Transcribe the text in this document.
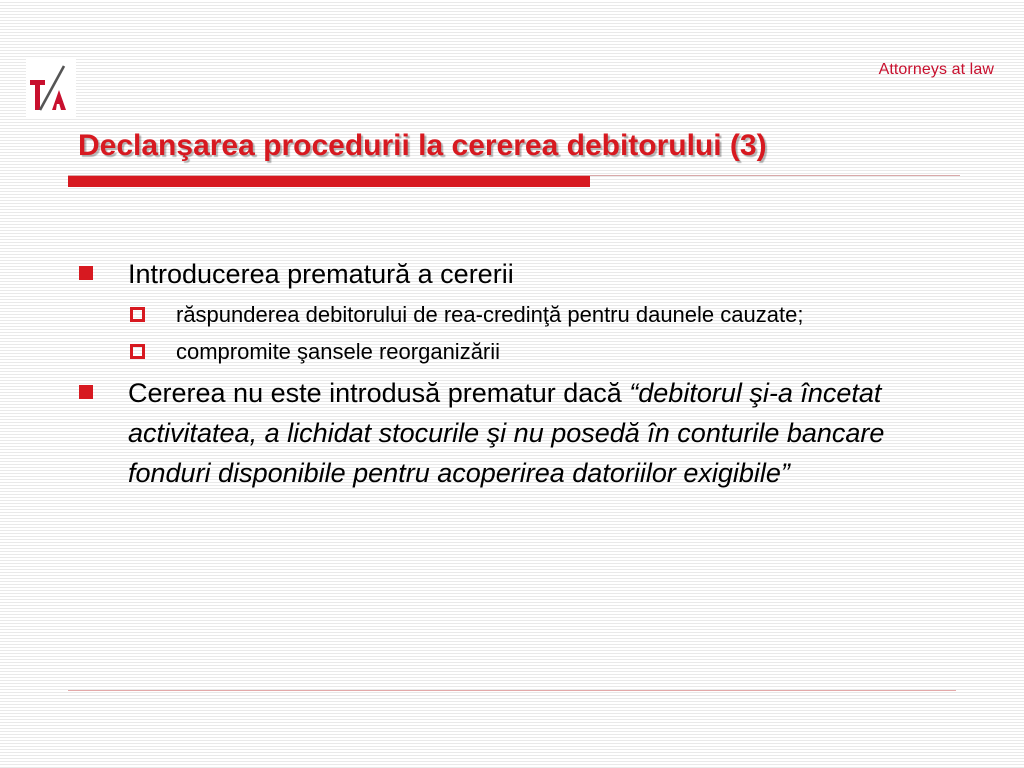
Attorneys at law
Declanşarea procedurii la cererea debitorului (3)
Introducerea prematură a cererii
răspunderea debitorului de rea-credinţă pentru daunele cauzate;
compromite şansele reorganizării
Cererea nu este introdusă prematur dacă “debitorul şi-a încetat activitatea, a lichidat stocurile şi nu posedă în conturile bancare fonduri disponibile pentru acoperirea datoriilor exigibile”
